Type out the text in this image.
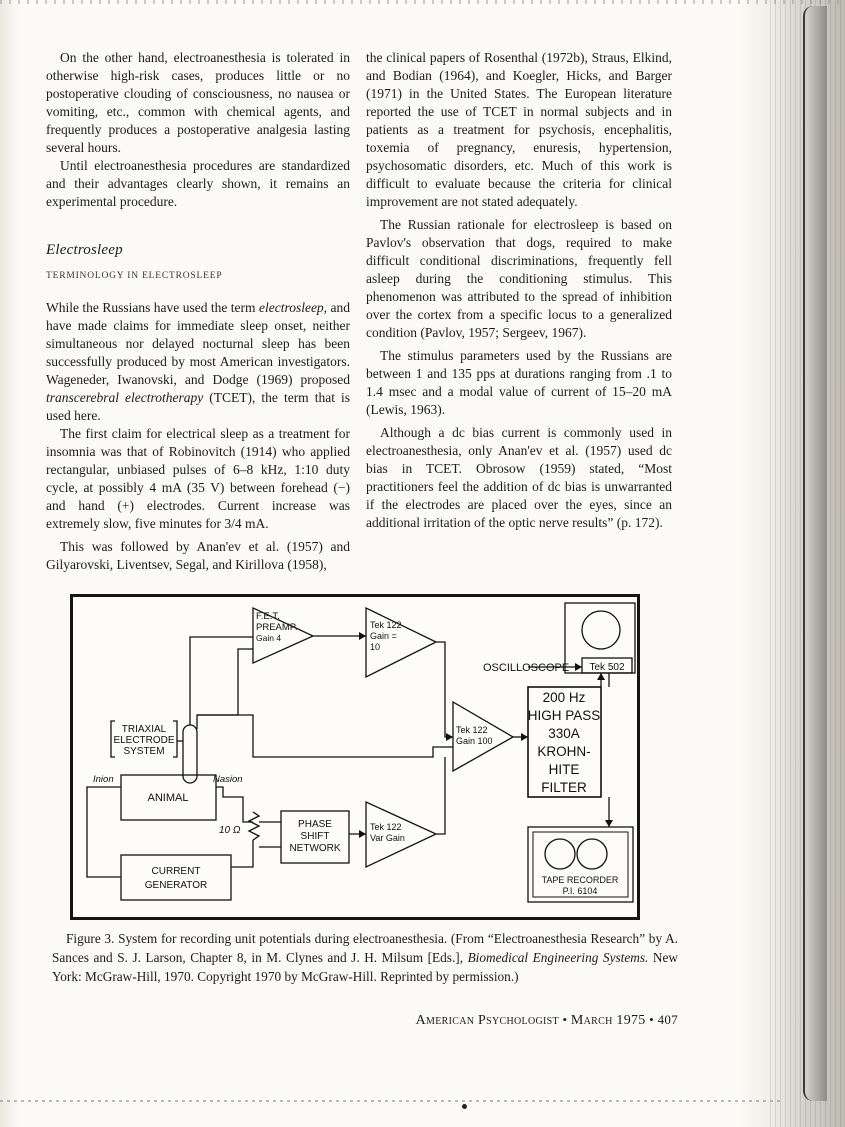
On the other hand, electroanesthesia is tolerated in otherwise high-risk cases, produces little or no postoperative clouding of consciousness, no nausea or vomiting, etc., common with chemical agents, and frequently produces a postoperative analgesia lasting several hours.

Until electroanesthesia procedures are standardized and their advantages clearly shown, it remains an experimental procedure.

Electrosleep
TERMINOLOGY IN ELECTROSLEEP

While the Russians have used the term electrosleep, and have made claims for immediate sleep onset, neither simultaneous nor delayed nocturnal sleep has been successfully produced by most American investigators. Wageneder, Iwanovski, and Dodge (1969) proposed transcerebral electrotherapy (TCET), the term that is used here.

The first claim for electrical sleep as a treatment for insomnia was that of Robinovitch (1914) who applied rectangular, unbiased pulses of 6–8 kHz, 1:10 duty cycle, at possibly 4 mA (35 V) between forehead (−) and hand (+) electrodes. Current increase was extremely slow, five minutes for 3/4 mA.

This was followed by Anan'ev et al. (1957) and Gilyarovski, Liventsev, Segal, and Kirillova (1958),

the clinical papers of Rosenthal (1972b), Straus, Elkind, and Bodian (1964), and Koegler, Hicks, and Barger (1971) in the United States. The European literature reported the use of TCET in normal subjects and in patients as a treatment for psychosis, encephalitis, toxemia of pregnancy, enuresis, hypertension, psychosomatic disorders, etc. Much of this work is difficult to evaluate because the criteria for clinical improvement are not stated adequately.

The Russian rationale for electrosleep is based on Pavlov's observation that dogs, required to make difficult conditional discriminations, frequently fell asleep during the conditioning stimulus. This phenomenon was attributed to the spread of inhibition over the cortex from a specific locus to a generalized condition (Pavlov, 1957; Sergeev, 1967).

The stimulus parameters used by the Russians are between 1 and 135 pps at durations ranging from .1 to 1.4 msec and a modal value of current of 15–20 mA (Lewis, 1963).

Although a dc bias current is commonly used in electroanesthesia, only Anan'ev et al. (1957) used dc bias in TCET. Obrosow (1959) stated, “Most practitioners feel the addition of dc bias is unwarranted if the electrodes are placed over the eyes, since an additional irritation of the optic nerve results” (p. 172).

F.E.T.
PREAMP.
Gain 4
Tek 122
Gain =
10
Tek 122
Gain 100
Tek 122
Var Gain
OSCILLOSCOPE Tek 502
200 Hz
HIGH PASS
330A
KROHN-
HITE
FILTER
TRIAXIAL
ELECTRODE
SYSTEM
ANIMAL
PHASE
SHIFT
NETWORK
CURRENT
GENERATOR	TAPE RECORDER
P.I. 6104
Inion	Nasion
10 Ω
Figure 3. System for recording unit potentials during electroanesthesia. (From “Electroanesthesia Research” by A. Sances and S. J. Larson, Chapter 8, in M. Clynes and J. H. Milsum [Eds.], Biomedical Engineering Systems. New York: McGraw-Hill, 1970. Copyright 1970 by McGraw-Hill. Reprinted by permission.)
American Psychologist • March 1975 • 407
